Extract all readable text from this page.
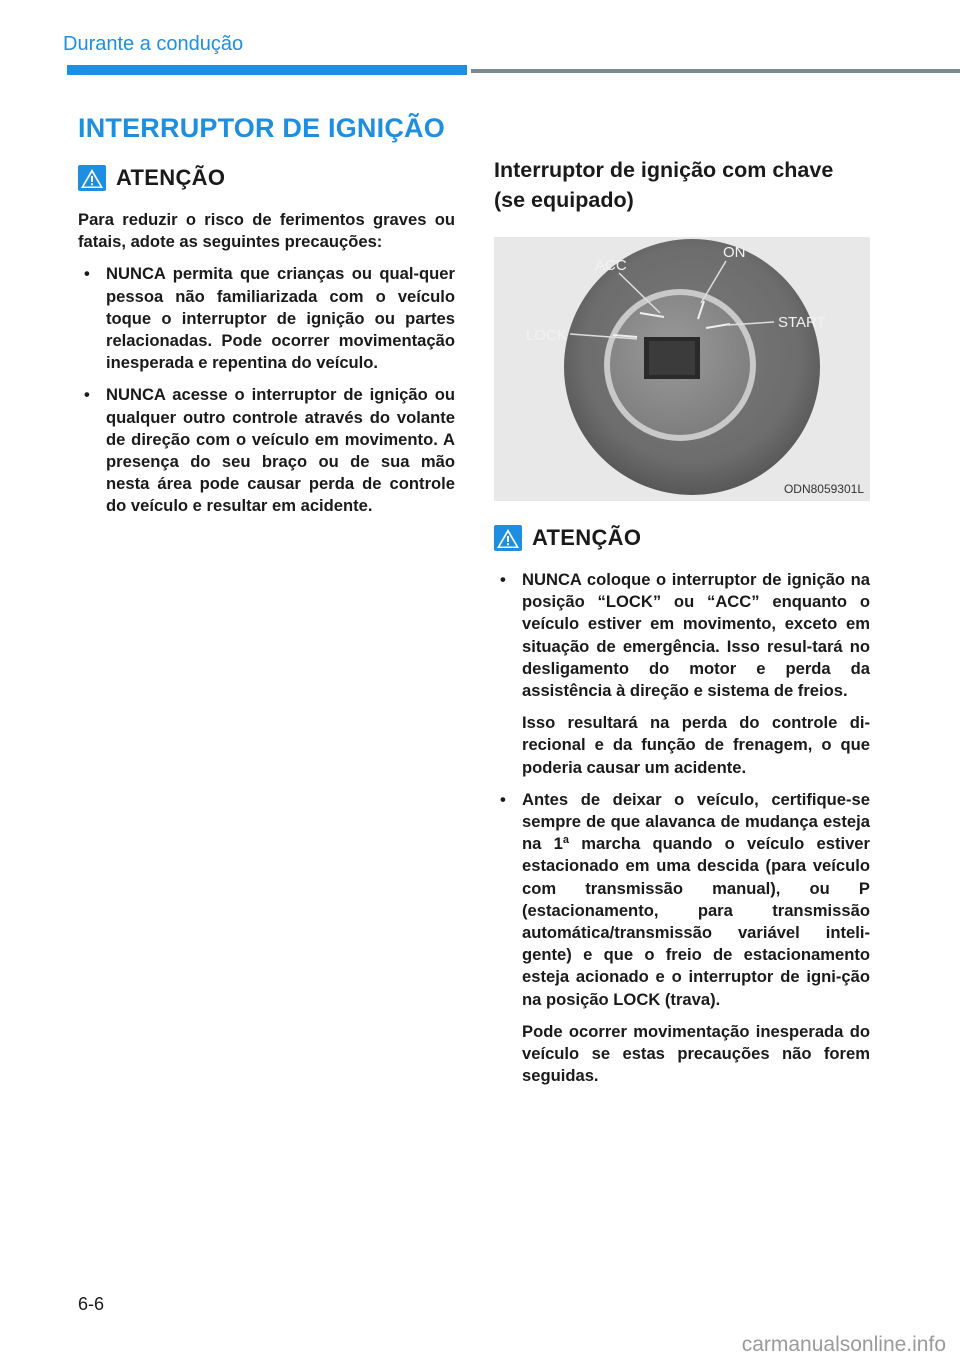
Durante a condução
INTERRUPTOR DE IGNIÇÃO
ATENÇÃO

Para reduzir o risco de ferimentos graves ou fatais, adote as seguintes precauções:

• NUNCA permita que crianças ou qual-quer pessoa não familiarizada com o veículo toque o interruptor de ignição ou partes relacionadas. Pode ocorrer movimentação inesperada e repentina do veículo.
• NUNCA acesse o interruptor de ignição ou qualquer outro controle através do volante de direção com o veículo em movimento. A presença do seu braço ou de sua mão nesta área pode causar perda de controle do veículo e resultar em acidente.
Interruptor de ignição com chave (se equipado)
ACC
ON
LOCK
START
ODN8059301L
ATENÇÃO
• NUNCA coloque o interruptor de ignição na posição “LOCK” ou “ACC” enquanto o veículo estiver em movimento, exceto em situação de emergência. Isso resul-tará no desligamento do motor e perda da assistência à direção e sistema de freios.

Isso resultará na perda do controle di-recional e da função de frenagem, o que poderia causar um acidente.

• Antes de deixar o veículo, certifique-se sempre de que alavanca de mudança esteja na 1ª marcha quando o veículo estiver estacionado em uma descida (para veículo com transmissão manual), ou P (estacionamento, para transmissão automática/transmissão variável inteli-gente) e que o freio de estacionamento esteja acionado e o interruptor de igni-ção na posição LOCK (trava).

Pode ocorrer movimentação inesperada do veículo se estas precauções não forem seguidas.

6-6
carmanualsonline.info
